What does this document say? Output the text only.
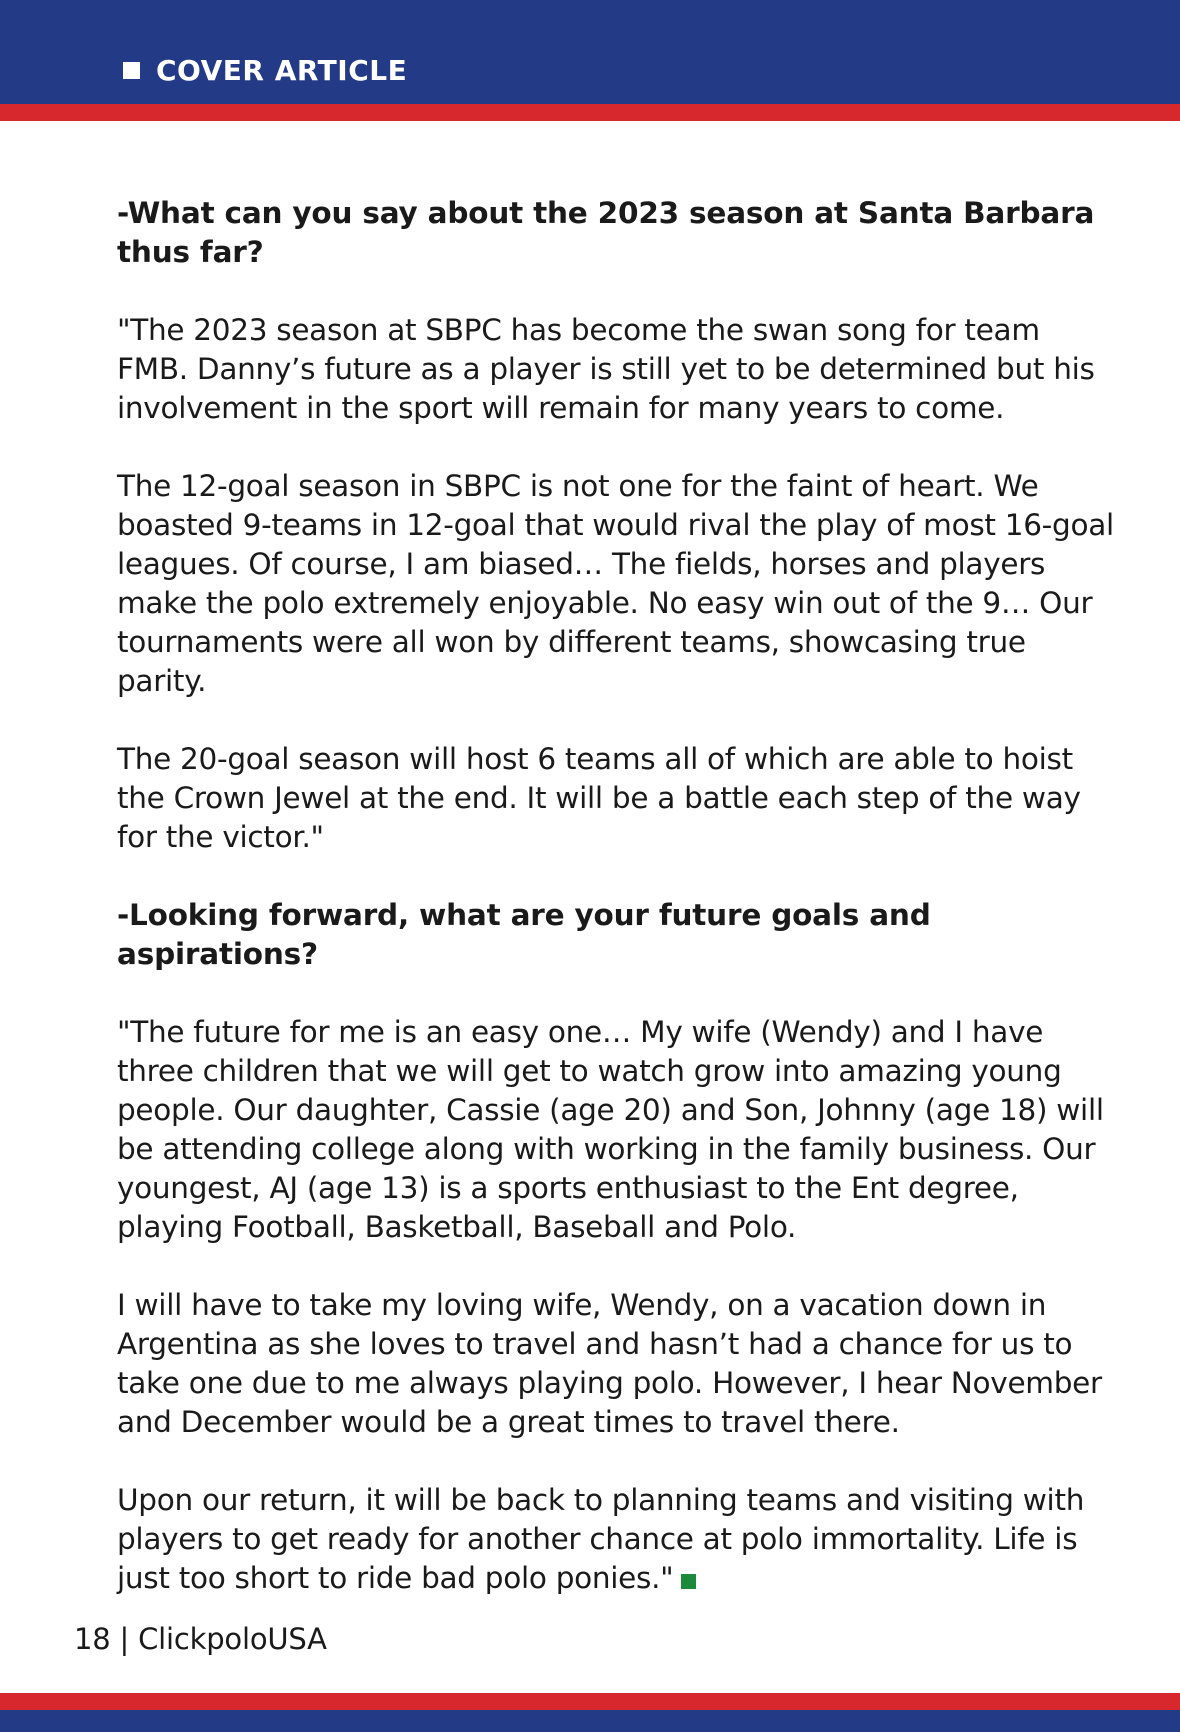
COVER ARTICLE

-What can you say about the 2023 season at Santa Barbara thus far?

"The 2023 season at SBPC has become the swan song for team FMB. Danny’s future as a player is still yet to be determined but his involvement in the sport will remain for many years to come.

The 12-goal season in SBPC is not one for the faint of heart. We boasted 9-teams in 12-goal that would rival the play of most 16-goal leagues. Of course, I am biased… The fields, horses and players make the polo extremely enjoyable. No easy win out of the 9… Our tournaments were all won by different teams, showcasing true parity.

The 20-goal season will host 6 teams all of which are able to hoist the Crown Jewel at the end. It will be a battle each step of the way for the victor."

-Looking forward, what are your future goals and aspirations?

"The future for me is an easy one… My wife (Wendy) and I have three children that we will get to watch grow into amazing young people. Our daughter, Cassie (age 20) and Son, Johnny (age 18) will be attending college along with working in the family business. Our youngest, AJ (age 13) is a sports enthusiast to the Ent degree, playing Football, Basketball, Baseball and Polo.

I will have to take my loving wife, Wendy, on a vacation down in Argentina as she loves to travel and hasn’t had a chance for us to take one due to me always playing polo. However, I hear November and December would be a great times to travel there.

Upon our return, it will be back to planning teams and visiting with players to get ready for another chance at polo immortality. Life is just too short to ride bad polo ponies."

18 | ClickpoloUSA
